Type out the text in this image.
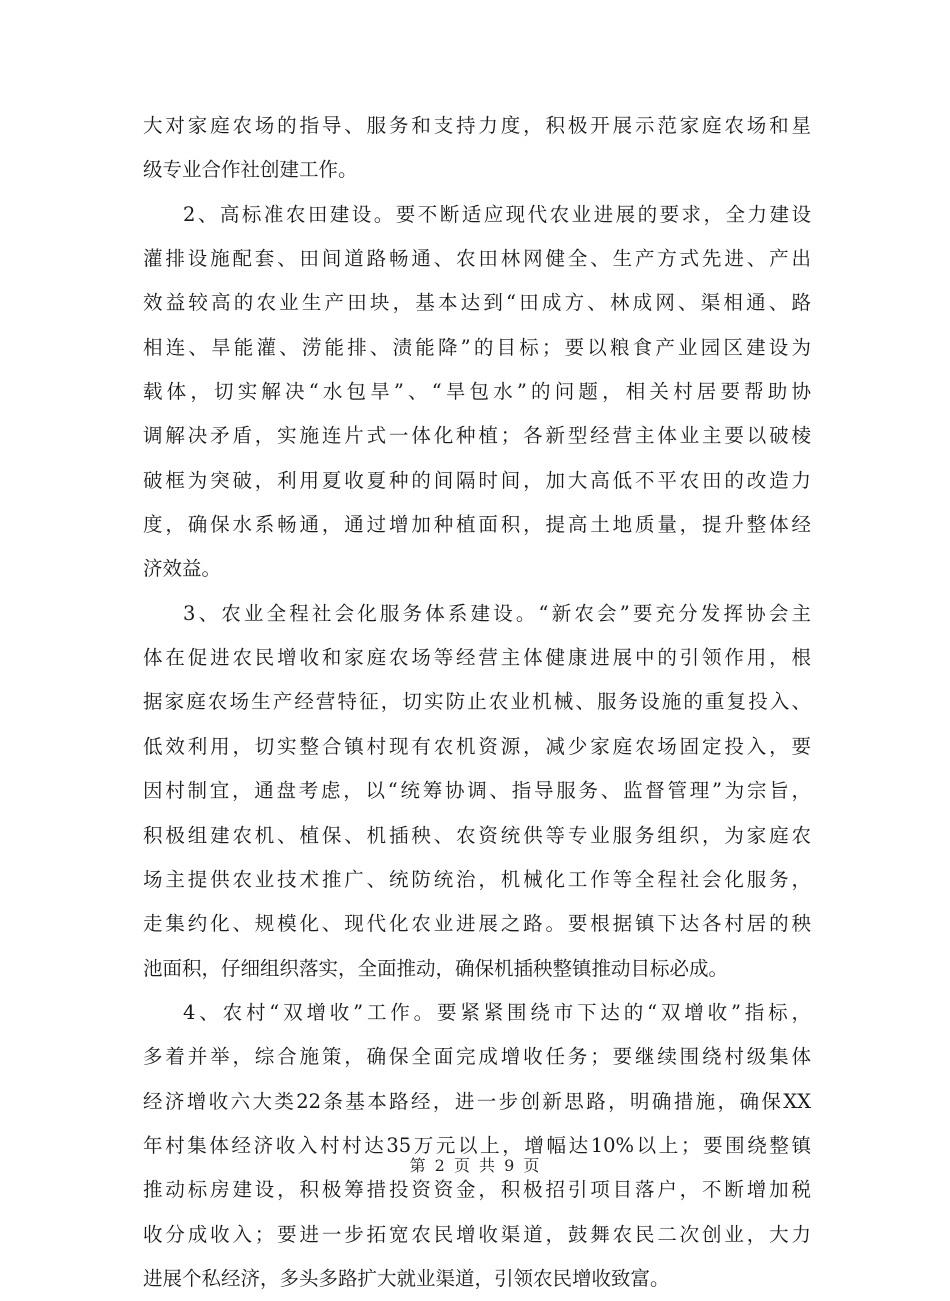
大对家庭农场的指导、服务和支持力度，积极开展示范家庭农场和星
级专业合作社创建工作。
2、高标准农田建设。要不断适应现代农业进展的要求，全力建设
灌排设施配套、田间道路畅通、农田林网健全、生产方式先进、产出
效益较高的农业生产田块，基本达到“田成方、林成网、渠相通、路
相连、旱能灌、涝能排、渍能降”的目标；要以粮食产业园区建设为
载体，切实解决“水包旱”、“旱包水”的问题，相关村居要帮助协
调解决矛盾，实施连片式一体化种植；各新型经营主体业主要以破棱
破框为突破，利用夏收夏种的间隔时间，加大高低不平农田的改造力
度，确保水系畅通，通过增加种植面积，提高土地质量，提升整体经
济效益。
3、农业全程社会化服务体系建设。“新农会”要充分发挥协会主
体在促进农民增收和家庭农场等经营主体健康进展中的引领作用，根
据家庭农场生产经营特征，切实防止农业机械、服务设施的重复投入、
低效利用，切实整合镇村现有农机资源，减少家庭农场固定投入，要
因村制宜，通盘考虑，以“统筹协调、指导服务、监督管理”为宗旨，
积极组建农机、植保、机插秧、农资统供等专业服务组织，为家庭农
场主提供农业技术推广、统防统治，机械化工作等全程社会化服务，
走集约化、规模化、现代化农业进展之路。要根据镇下达各村居的秧
池面积，仔细组织落实，全面推动，确保机插秧整镇推动目标必成。
4、农村“双增收”工作。要紧紧围绕市下达的“双增收”指标，
多着并举，综合施策，确保全面完成增收任务；要继续围绕村级集体
经济增收六大类22条基本路经，进一步创新思路，明确措施，确保XX
年村集体经济收入村村达35万元以上，增幅达10%以上；要围绕整镇
推动标房建设，积极筹措投资资金，积极招引项目落户，不断增加税
收分成收入；要进一步拓宽农民增收渠道，鼓舞农民二次创业，大力
进展个私经济，多头多路扩大就业渠道，引领农民增收致富。
第 2 页 共 9 页
